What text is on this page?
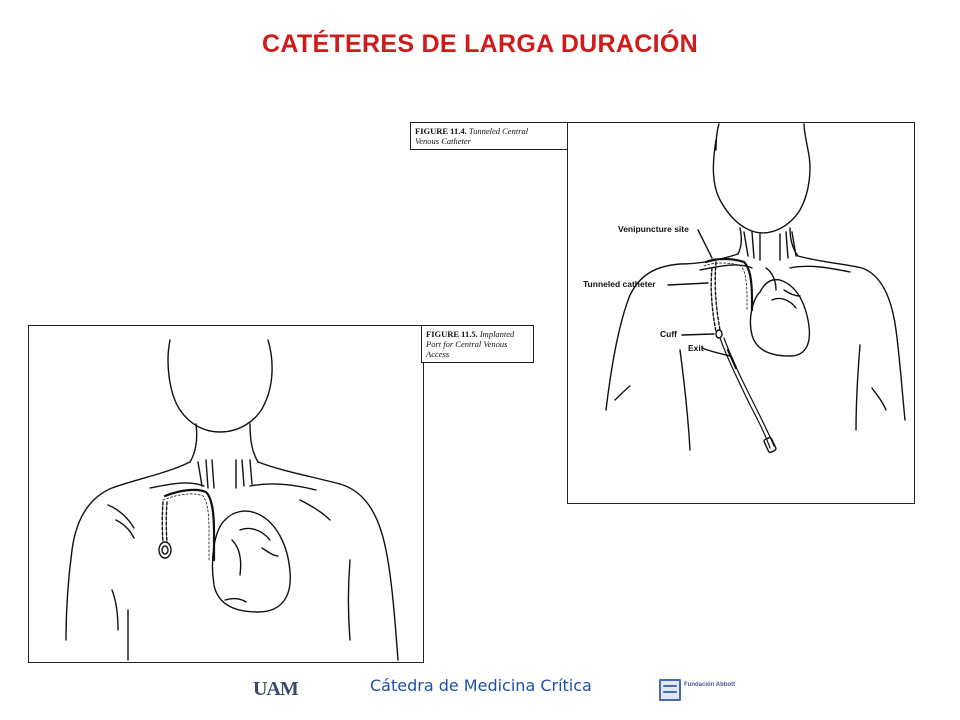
CATÉTERES DE LARGA DURACIÓN
FIGURE 11.4. Tunneled Central
Venous Catheter
FIGURE 11.5. Implanted
Port for Central Venous
Access
Venipuncture site
Tunneled catheter
Cuff
Exit
UAM	Cátedra de Medicina Crítica	Fundación Abbott
